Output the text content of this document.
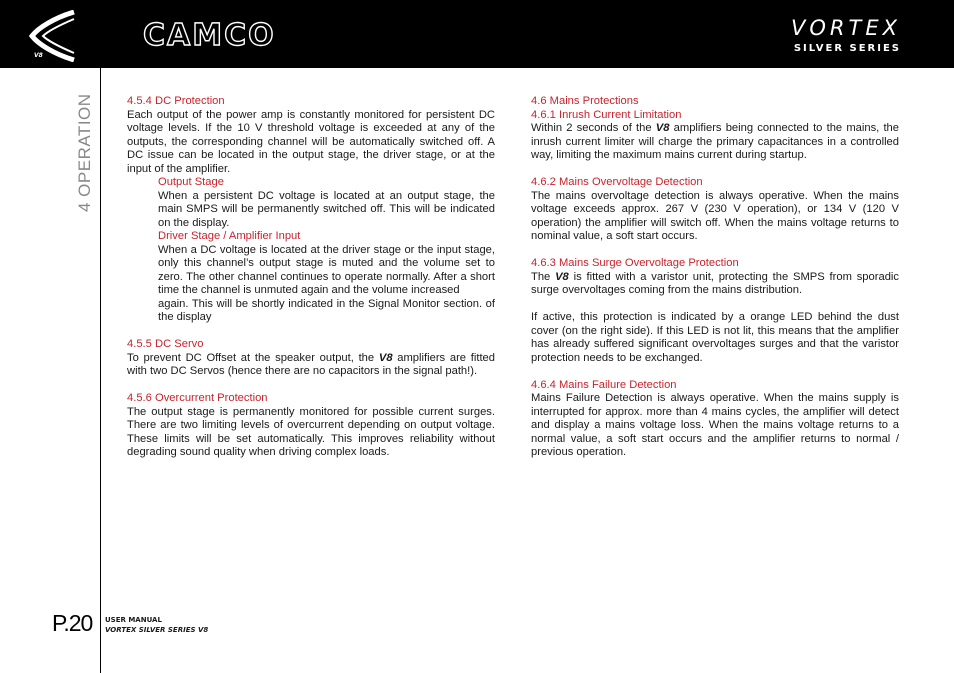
V8
CAMCO	VORTEX
SILVER SERIES
4 OPERATION
P.20 USER MANUAL
VORTEX SILVER SERIES V8
4.5.4 DC Protection

Each output of the power amp is constantly monitored for persistent DC voltage levels. If the 10 V threshold voltage is exceeded at any of the outputs, the corresponding channel will be automatically switched off. A DC issue can be located in the output stage, the driver stage, or at the input of the amplifier.

Output Stage

When a persistent DC voltage is located at an output stage, the main SMPS will be permanently switched off. This will be indicated on the display.

Driver Stage / Amplifier Input

When a DC voltage is located at the driver stage or the input stage, only this channel’s output stage is muted and the volume set to zero. The other channel continues to operate normally. After a short time the channel is unmuted again and the volume increased

again. This will be shortly indicated in the Signal Monitor section. of the display

4.5.5 DC Servo

To prevent DC Offset at the speaker output, the V8 amplifiers are fitted with two DC Servos (hence there are no capacitors in the signal path!).

4.5.6 Overcurrent Protection

The output stage is permanently monitored for possible current surges. There are two limiting levels of overcurrent depending on output voltage. These limits will be set automatically. This improves reliability without degrading sound quality when driving complex loads.

4.6 Mains Protections
4.6.1 Inrush Current Limitation

Within 2 seconds of the V8 amplifiers being connected to the mains, the inrush current limiter will charge the primary capacitances in a controlled way, limiting the maximum mains current during startup.

4.6.2 Mains Overvoltage Detection

The mains overvoltage detection is always operative. When the mains voltage exceeds approx. 267 V (230 V operation), or 134 V (120 V operation) the amplifier will switch off. When the mains voltage returns to nominal value, a soft start occurs.

4.6.3 Mains Surge Overvoltage Protection

The V8 is fitted with a varistor unit, protecting the SMPS from sporadic surge overvoltages coming from the mains distribution.

If active, this protection is indicated by a orange LED behind the dust cover (on the right side). If this LED is not lit, this means that the amplifier has already suffered significant overvoltages surges and that the varistor protection needs to be exchanged.

4.6.4 Mains Failure Detection

Mains Failure Detection is always operative. When the mains supply is interrupted for approx. more than 4 mains cycles, the amplifier will detect and display a mains voltage loss. When the mains voltage returns to a normal value, a soft start occurs and the amplifier returns to normal / previous operation.
